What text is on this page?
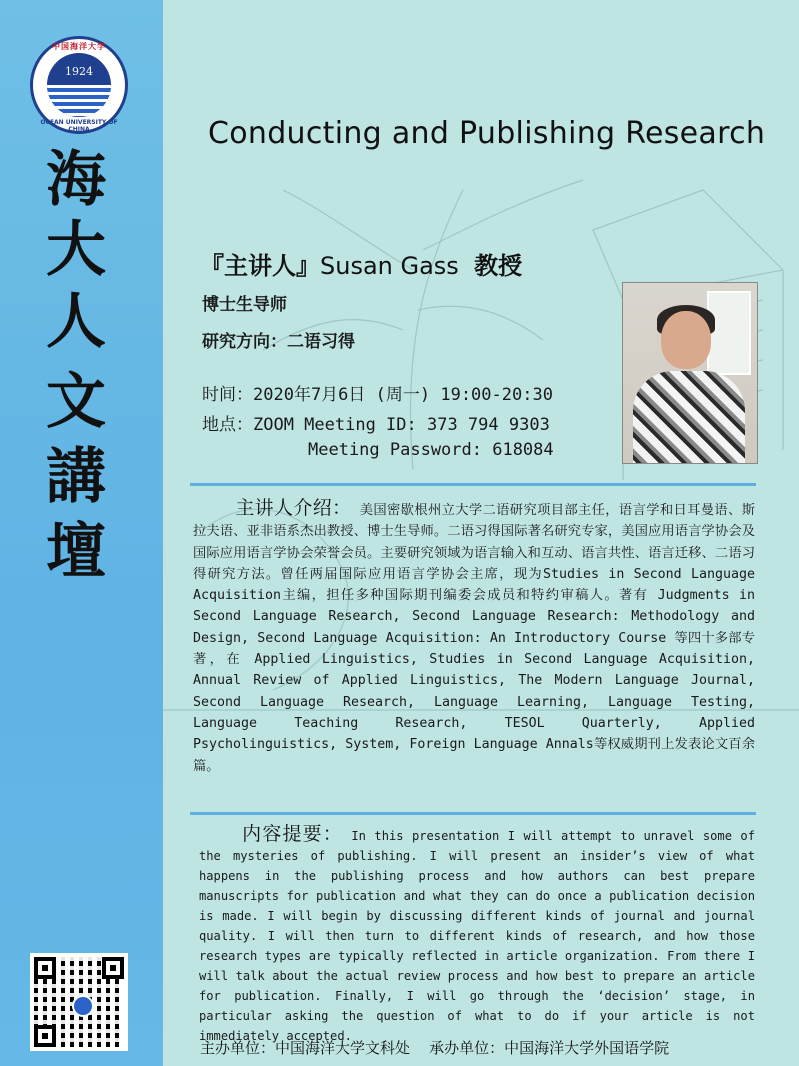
中国海洋大学
1924
OCEAN UNIVERSITY OF CHINA
海
大
人
文
講
壇
Conducting and Publishing Research
『主讲人』Susan Gass 教授
博士生导师
研究方向：二语习得
时间：2020年7月6日 (周一) 19:00-20:30
地点：ZOOM Meeting ID: 373 794 9303
Meeting Password: 618084
主讲人介绍： 美国密歇根州立大学二语研究项目部主任，语言学和日耳曼语、斯拉夫语、亚非语系杰出教授、博士生导师。二语习得国际著名研究专家，美国应用语言学协会及国际应用语言学协会荣誉会员。主要研究领域为语言输入和互动、语言共性、语言迁移、二语习得研究方法。曾任两届国际应用语言学协会主席，现为Studies in Second Language Acquisition主编，担任多种国际期刊编委会成员和特约审稿人。著有 Judgments in Second Language Research, Second Language Research: Methodology and Design, Second Language Acquisition: An Introductory Course 等四十多部专著，在 Applied Linguistics, Studies in Second Language Acquisition, Annual Review of Applied Linguistics, The Modern Language Journal, Second Language Research, Language Learning, Language Testing, Language Teaching Research, TESOL Quarterly, Applied Psycholinguistics, System, Foreign Language Annals等权威期刊上发表论文百余篇。
内容提要： In this presentation I will attempt to unravel some of the mysteries of publishing. I will present an insider’s view of what happens in the publishing process and how authors can best prepare manuscripts for publication and what they can do once a publication decision is made. I will begin by discussing different kinds of journal and journal quality. I will then turn to different kinds of research, and how those research types are typically reflected in article organization. From there I will talk about the actual review process and how best to prepare an article for publication. Finally, I will go through the ‘decision’ stage, in particular asking the question of what to do if your article is not immediately accepted.
主办单位：中国海洋大学文科处 承办单位：中国海洋大学外国语学院
